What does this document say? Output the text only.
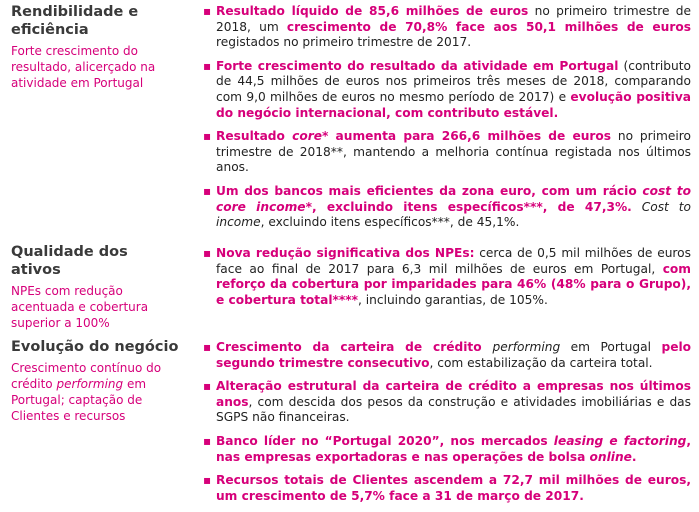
Rendibilidade e eficiência
Forte crescimento do resultado, alicerçado na atividade em Portugal
▪ Resultado líquido de 85,6 milhões de euros no primeiro trimestre de 2018, um crescimento de 70,8% face aos 50,1 milhões de euros registados no primeiro trimestre de 2017.
▪ Forte crescimento do resultado da atividade em Portugal (contributo de 44,5 milhões de euros nos primeiros três meses de 2018, comparando com 9,0 milhões de euros no mesmo período de 2017) e evolução positiva do negócio internacional, com contributo estável.
▪ Resultado core* aumenta para 266,6 milhões de euros no primeiro trimestre de 2018**, mantendo a melhoria contínua registada nos últimos anos.
▪ Um dos bancos mais eficientes da zona euro, com um rácio cost to core income*, excluindo itens específicos***, de 47,3%. Cost to income, excluindo itens específicos***, de 45,1%.
Qualidade dos ativos
NPEs com redução acentuada e cobertura superior a 100%
▪ Nova redução significativa dos NPEs: cerca de 0,5 mil milhões de euros face ao final de 2017 para 6,3 mil milhões de euros em Portugal, com reforço da cobertura por imparidades para 46% (48% para o Grupo), e cobertura total****, incluindo garantias, de 105%.
Evolução do negócio
Crescimento contínuo do crédito performing em Portugal; captação de Clientes e recursos
▪ Crescimento da carteira de crédito performing em Portugal pelo segundo trimestre consecutivo, com estabilização da carteira total.
▪ Alteração estrutural da carteira de crédito a empresas nos últimos anos, com descida dos pesos da construção e atividades imobiliárias e das SGPS não financeiras.
▪ Banco líder no “Portugal 2020”, nos mercados leasing e factoring, nas empresas exportadoras e nas operações de bolsa online.
▪ Recursos totais de Clientes ascendem a 72,7 mil milhões de euros, um crescimento de 5,7% face a 31 de março de 2017.
